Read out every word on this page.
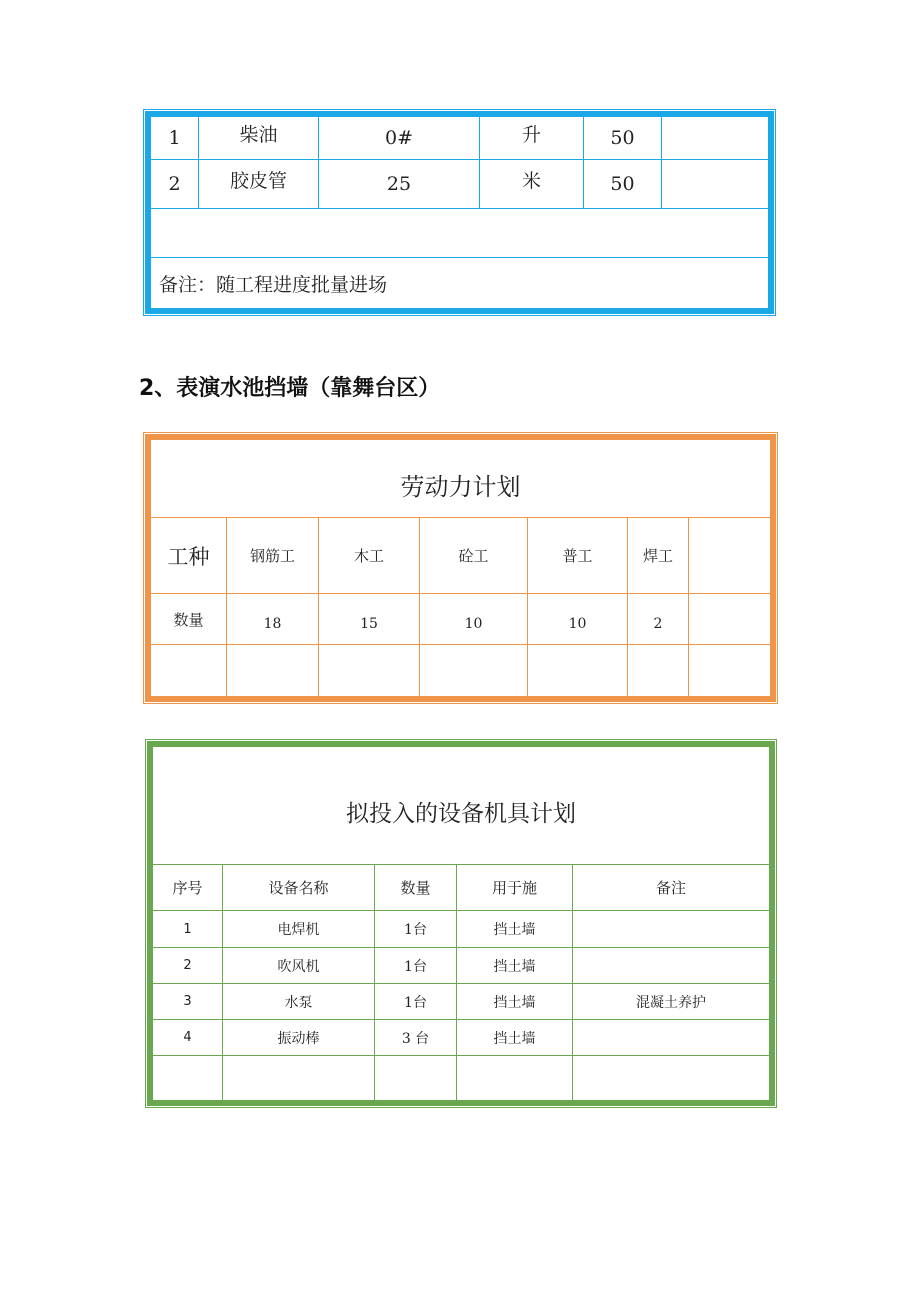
1	柴油	0#	升	50	
2	胶皮管	25	米	50	

备注：随工程进度批量进场					
2、表演水池挡墙（靠舞台区）
劳动力计划						
工种	钢筋工	木工	砼工	普工	焊工	
数量	18	15	10	10	2	

拟投入的设备机具计划				
序号	设备名称	数量	用于施	备注
1	电焊机	1台	挡土墙	
2	吹风机	1台	挡土墙	
3	水泵	1台	挡土墙	混凝土养护
4	振动棒	3 台	挡土墙	
